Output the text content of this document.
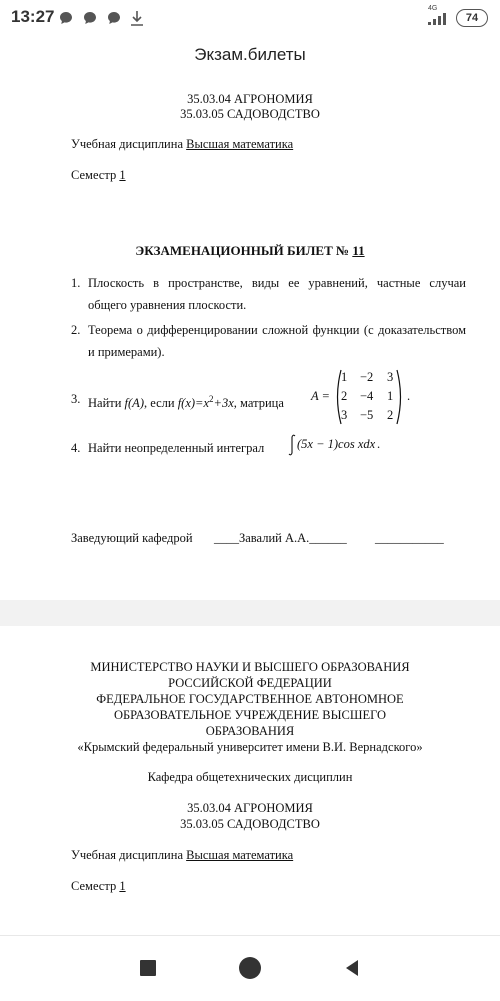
13:27	4G

74
Экзам.билеты
35.03.04 АГРОНОМИЯ
35.03.05 САДОВОДСТВО
Учебная дисциплина Высшая математика
Семестр 1
ЭКЗАМЕНАЦИОННЫЙ БИЛЕТ № 11
1. Плоскость в пространстве, виды ее уравнений, частные случаи общего уравнения плоскости.
2. Теорема о дифференцировании сложной функции (с доказательством и примерами).
3. Найти f(A), если $f(x)=x^2+3x$, матрица
A =
1 −2 3
2 −4 1
3 −5 2
.
4. Найти неопределенный интеграл	(5x − 1)cos xdx .
Заведующий кафедрой ____Завалий А.А.______ ___________
МИНИСТЕРСТВО НАУКИ И ВЫСШЕГО ОБРАЗОВАНИЯ
РОССИЙСКОЙ ФЕДЕРАЦИИ
ФЕДЕРАЛЬНОЕ ГОСУДАРСТВЕННОЕ АВТОНОМНОЕ
ОБРАЗОВАТЕЛЬНОЕ УЧРЕЖДЕНИЕ ВЫСШЕГО
ОБРАЗОВАНИЯ
«Крымский федеральный университет имени В.И. Вернадского»
Кафедра общетехнических дисциплин
35.03.04 АГРОНОМИЯ
35.03.05 САДОВОДСТВО
Учебная дисциплина Высшая математика
Семестр 1
